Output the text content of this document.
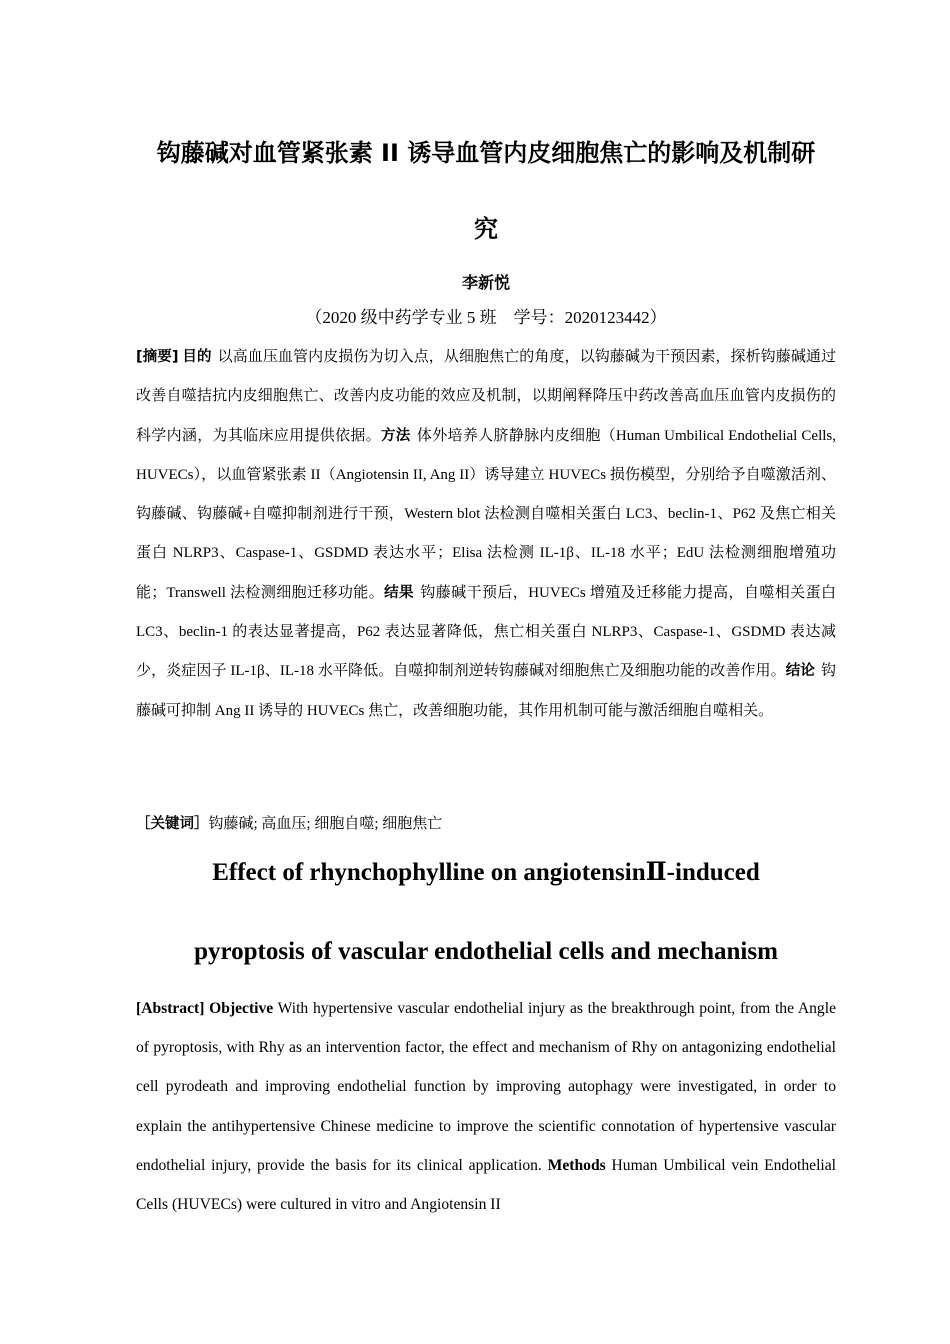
钩藤碱对血管紧张素 II 诱导血管内皮细胞焦亡的影响及机制研
究
李新悦
（2020 级中药学专业 5 班　学号：2020123442）
[摘要] 目的 以高血压血管内皮损伤为切入点，从细胞焦亡的角度，以钩藤碱为干预因素，探析钩藤碱通过改善自噬拮抗内皮细胞焦亡、改善内皮功能的效应及机制，以期阐释降压中药改善高血压血管内皮损伤的科学内涵，为其临床应用提供依据。方法 体外培养人脐静脉内皮细胞（Human Umbilical Endothelial Cells, HUVECs），以血管紧张素 II（Angiotensin II, Ang II）诱导建立 HUVECs 损伤模型，分别给予自噬激活剂、钩藤碱、钩藤碱+自噬抑制剂进行干预，Western blot 法检测自噬相关蛋白 LC3、beclin-1、P62 及焦亡相关蛋白 NLRP3、Caspase-1、GSDMD 表达水平；Elisa 法检测 IL-1β、IL-18 水平；EdU 法检测细胞增殖功能；Transwell 法检测细胞迁移功能。结果 钩藤碱干预后，HUVECs 增殖及迁移能力提高，自噬相关蛋白 LC3、beclin-1 的表达显著提高，P62 表达显著降低，焦亡相关蛋白 NLRP3、Caspase-1、GSDMD 表达减少，炎症因子 IL-1β、IL-18 水平降低。自噬抑制剂逆转钩藤碱对细胞焦亡及细胞功能的改善作用。结论 钩藤碱可抑制 Ang II 诱导的 HUVECs 焦亡，改善细胞功能，其作用机制可能与激活细胞自噬相关。
［关键词］钩藤碱; 高血压; 细胞自噬; 细胞焦亡
Effect of rhynchophylline on angiotensinⅡ-induced
pyroptosis of vascular endothelial cells and mechanism
[Abstract] Objective With hypertensive vascular endothelial injury as the breakthrough point, from the Angle of pyroptosis, with Rhy as an intervention factor, the effect and mechanism of Rhy on antagonizing endothelial cell pyrodeath and improving endothelial function by improving autophagy were investigated, in order to explain the antihypertensive Chinese medicine to improve the scientific connotation of hypertensive vascular endothelial injury, provide the basis for its clinical application. Methods Human Umbilical vein Endothelial Cells (HUVECs) were cultured in vitro and Angiotensin II
